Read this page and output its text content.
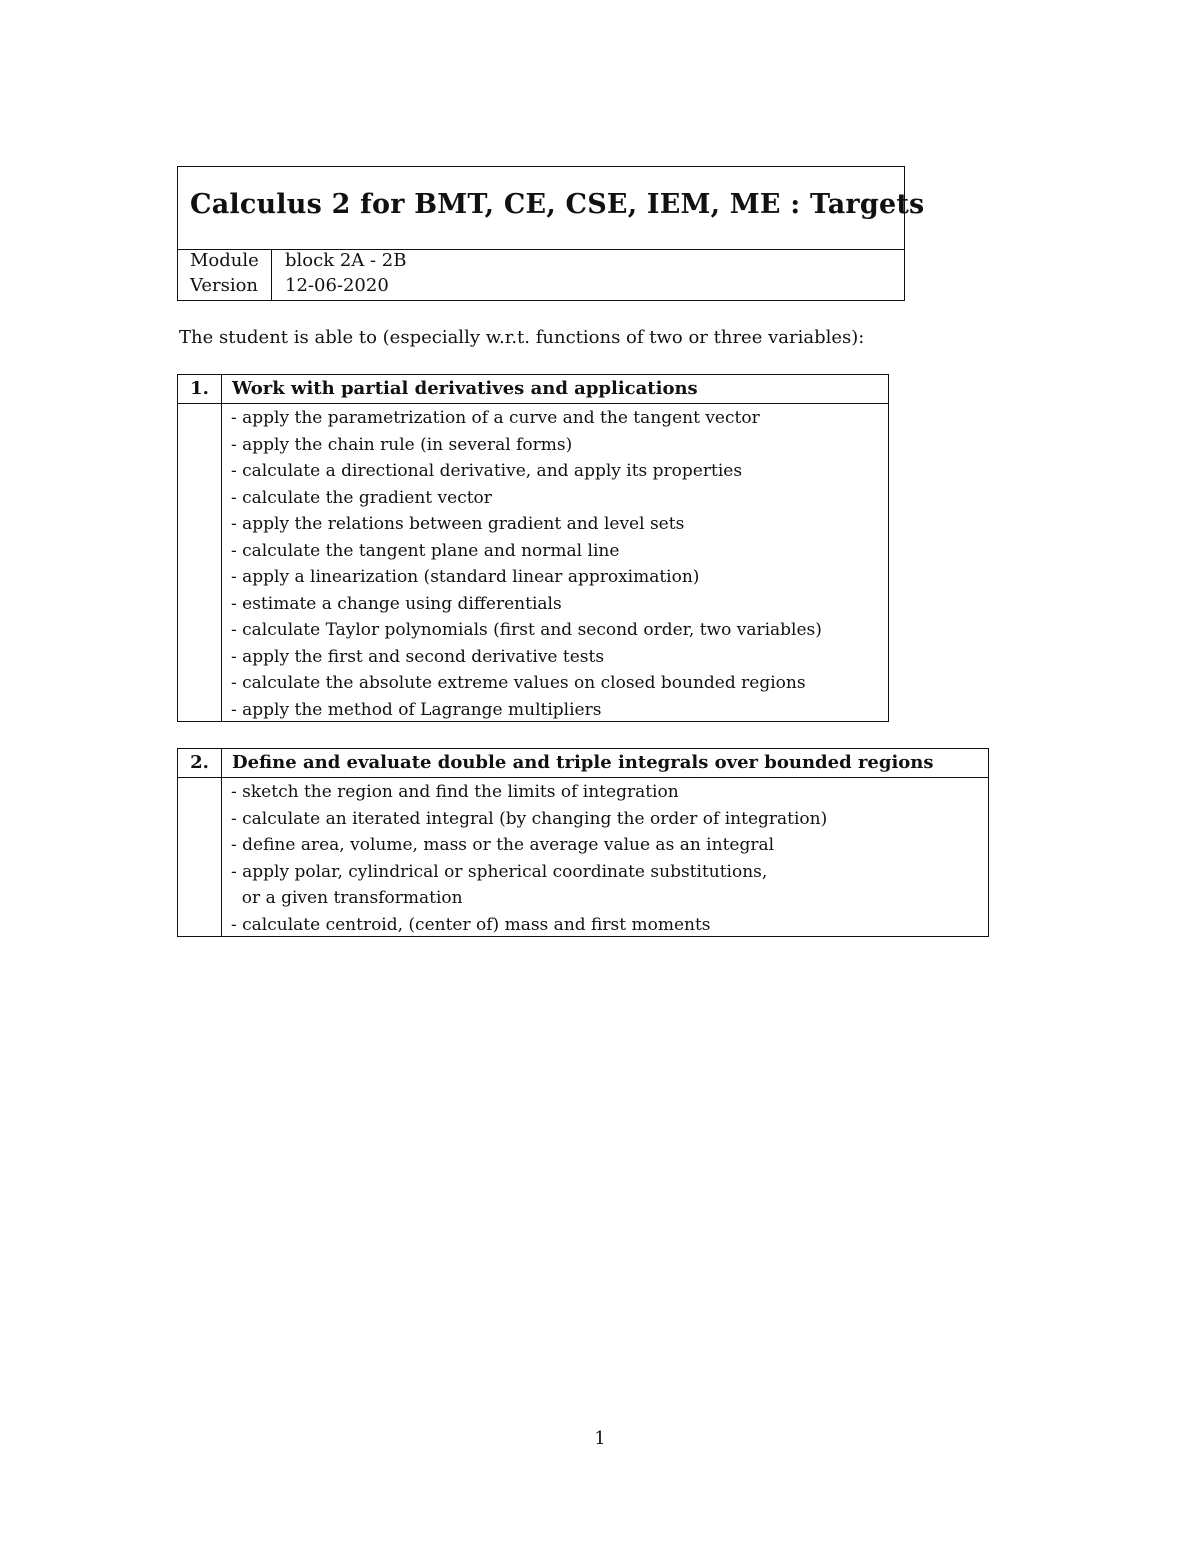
Calculus 2 for BMT, CE, CSE, IEM, ME : Targets
Module block 2A - 2B
Version 12-06-2020
The student is able to (especially w.r.t. functions of two or three variables):
1.	Work with partial derivatives and applications
- apply the parametrization of a curve and the tangent vector
- apply the chain rule (in several forms)
- calculate a directional derivative, and apply its properties
- calculate the gradient vector
- apply the relations between gradient and level sets
- calculate the tangent plane and normal line
- apply a linearization (standard linear approximation)
- estimate a change using differentials
- calculate Taylor polynomials (first and second order, two variables)
- apply the first and second derivative tests
- calculate the absolute extreme values on closed bounded regions
- apply the method of Lagrange multipliers
2.	Define and evaluate double and triple integrals over bounded regions
- sketch the region and find the limits of integration
- calculate an iterated integral (by changing the order of integration)
- define area, volume, mass or the average value as an integral
- apply polar, cylindrical or spherical coordinate substitutions,
or a given transformation
- calculate centroid, (center of) mass and first moments
1
